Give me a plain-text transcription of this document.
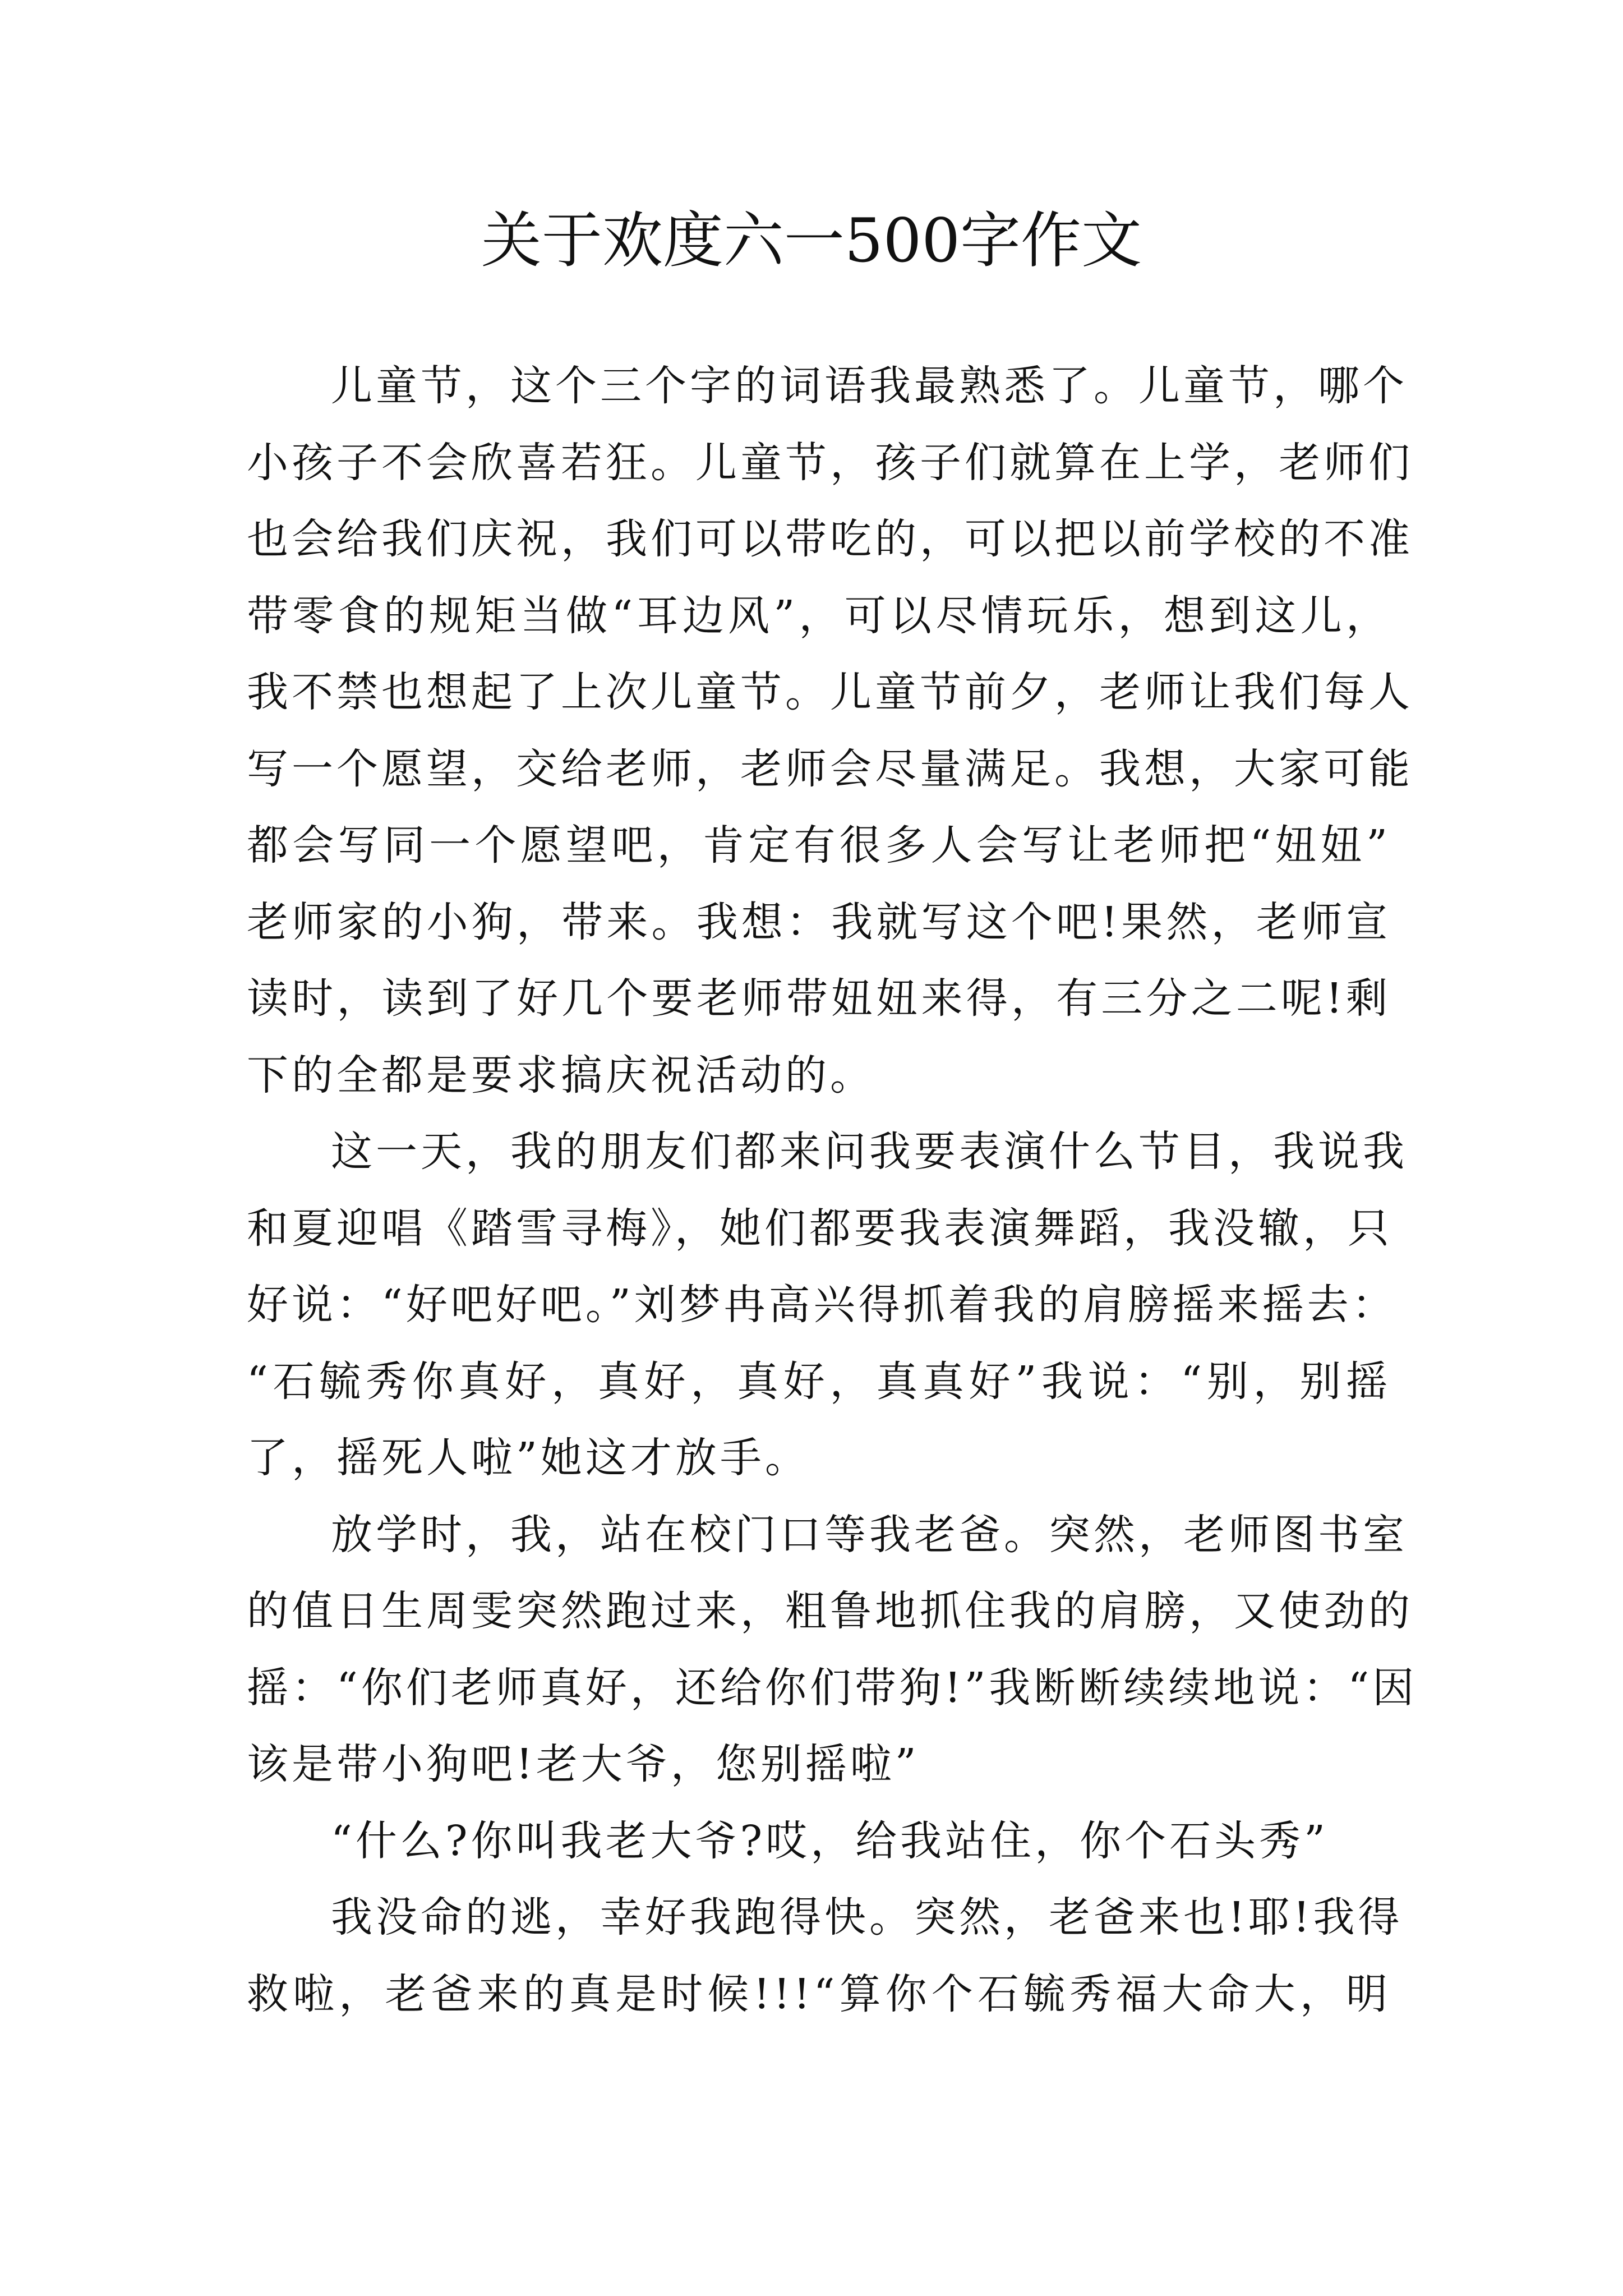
关于欢度六一500字作文
儿童节，这个三个字的词语我最熟悉了。儿童节，哪个
小孩子不会欣喜若狂。儿童节，孩子们就算在上学，老师们
也会给我们庆祝，我们可以带吃的，可以把以前学校的不准
带零食的规矩当做“耳边风”，可以尽情玩乐，想到这儿，
我不禁也想起了上次儿童节。儿童节前夕，老师让我们每人
写一个愿望，交给老师，老师会尽量满足。我想，大家可能
都会写同一个愿望吧，肯定有很多人会写让老师把“妞妞”
老师家的小狗，带来。我想：我就写这个吧!果然，老师宣
读时，读到了好几个要老师带妞妞来得，有三分之二呢!剩
下的全都是要求搞庆祝活动的。
这一天，我的朋友们都来问我要表演什么节目，我说我
和夏迎唱《踏雪寻梅》，她们都要我表演舞蹈，我没辙，只
好说：“好吧好吧。”刘梦冉高兴得抓着我的肩膀摇来摇去：
“石毓秀你真好，真好，真好，真真好”我说：“别，别摇
了，摇死人啦”她这才放手。
放学时，我，站在校门口等我老爸。突然，老师图书室
的值日生周雯突然跑过来，粗鲁地抓住我的肩膀，又使劲的
摇：“你们老师真好，还给你们带狗!”我断断续续地说：“因
该是带小狗吧!老大爷，您别摇啦”
“什么?你叫我老大爷?哎，给我站住，你个石头秀”
我没命的逃，幸好我跑得快。突然，老爸来也!耶!我得
救啦，老爸来的真是时候!!!“算你个石毓秀福大命大，明
